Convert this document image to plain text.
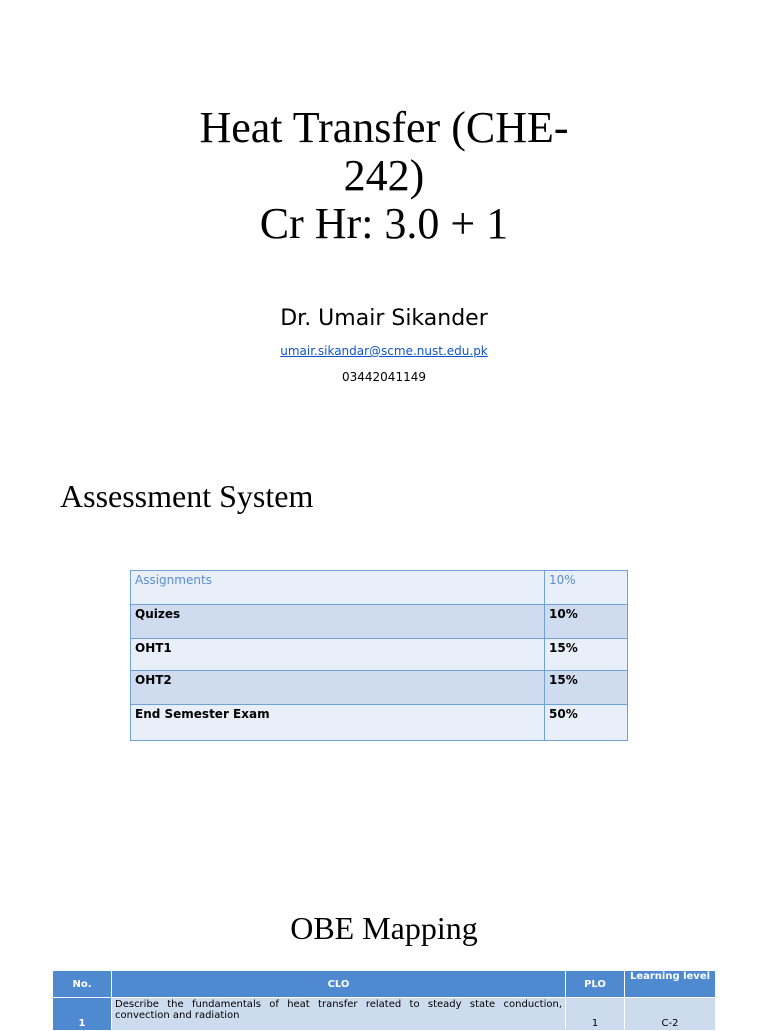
Heat Transfer (CHE-
242)
Cr Hr: 3.0 + 1
Dr. Umair Sikander
umair.sikandar@scme.nust.edu.pk
03442041149
Assessment System
Assignments	10%
Quizes	10%
OHT1	15%
OHT2	15%
End Semester Exam	50%
OBE Mapping
No.	CLO	PLO	Learning level
1	Describe the fundamentals of heat transfer related to steady state conduction, convection and radiation	1	C-2
